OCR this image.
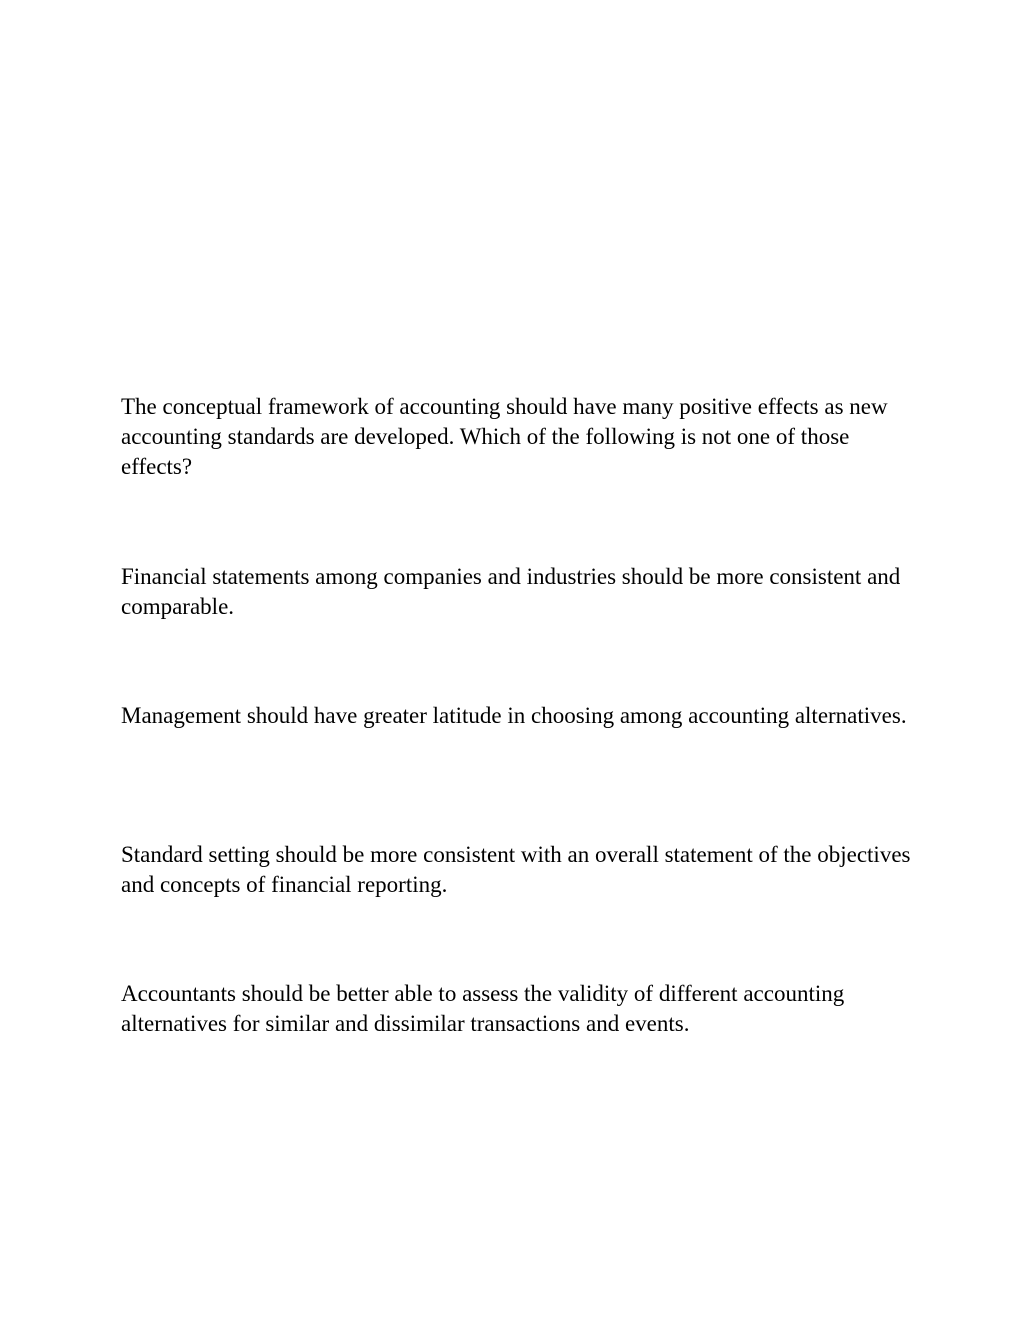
The conceptual framework of accounting should have many positive effects as new accounting standards are developed. Which of the following is not one of those effects?

Financial statements among companies and industries should be more consistent and comparable.

Management should have greater latitude in choosing among accounting alternatives.

Standard setting should be more consistent with an overall statement of the objectives and concepts of financial reporting.

Accountants should be better able to assess the validity of different accounting alternatives for similar and dissimilar transactions and events.
